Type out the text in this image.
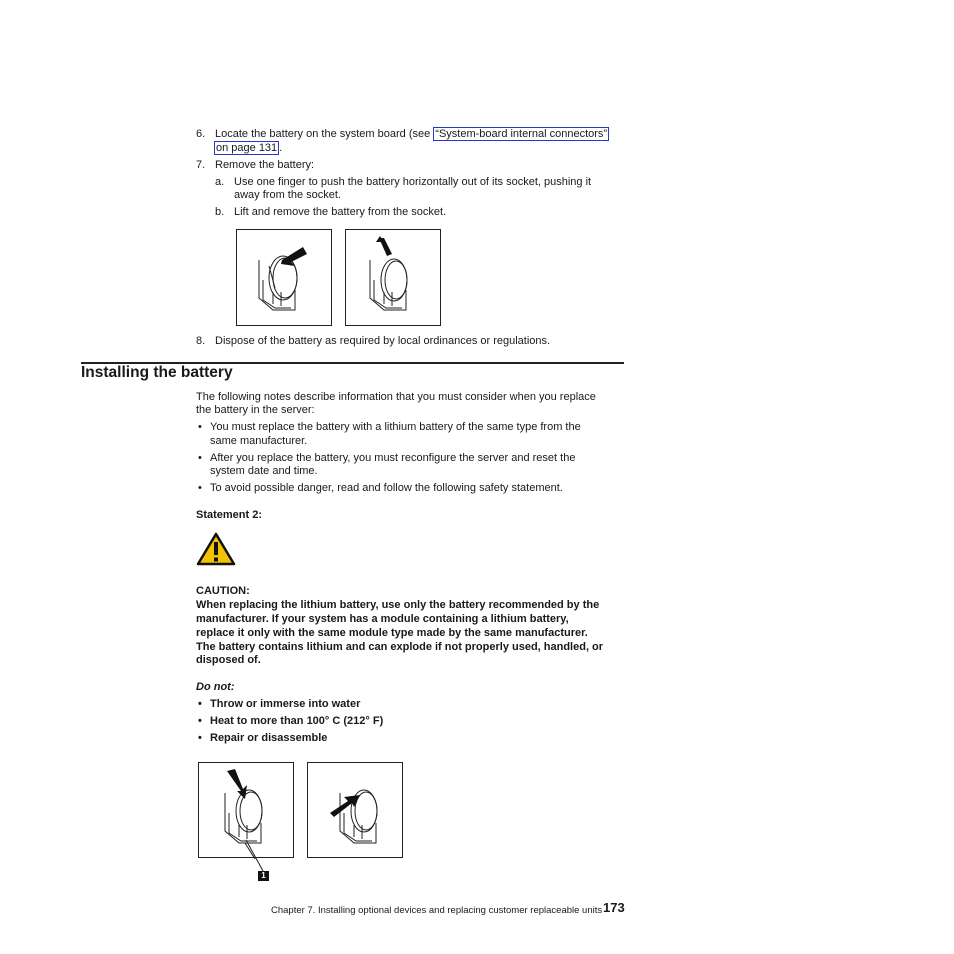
6. Locate the battery on the system board (see “System-board internal connectors”
on page 131 .
7. Remove the battery:
a. Use one finger to push the battery horizontally out of its socket, pushing it
away from the socket.
b. Lift and remove the battery from the socket.
8. Dispose of the battery as required by local ordinances or regulations.
Installing the battery
The following notes describe information that you must consider when you replace
the battery in the server:
• You must replace the battery with a lithium battery of the same type from the
same manufacturer.
• After you replace the battery, you must reconfigure the server and reset the
system date and time.
• To avoid possible danger, read and follow the following safety statement.
Statement 2:
CAUTION:
When replacing the lithium battery, use only the battery recommended by the
manufacturer. If your system has a module containing a lithium battery,
replace it only with the same module type made by the same manufacturer.
The battery contains lithium and can explode if not properly used, handled, or
disposed of.
Do not:
• Throw or immerse into water
• Heat to more than 100° C (212° F)
• Repair or disassemble
1
Chapter 7. Installing optional devices and replacing customer replaceable units 173
